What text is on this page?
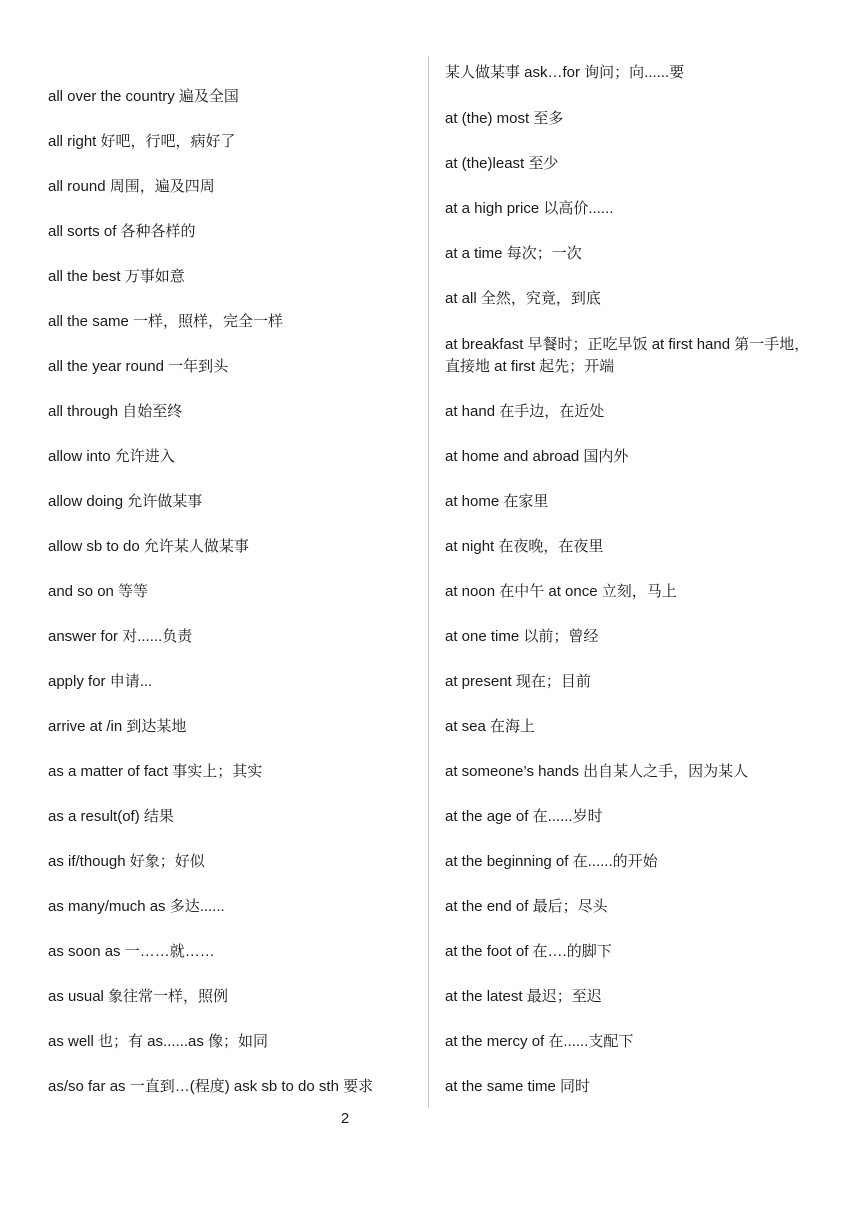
all over the country 遍及全国
all right 好吧，行吧，病好了
all round 周围，遍及四周
all sorts of 各种各样的
all the best 万事如意
all the same 一样，照样，完全一样
all the year round 一年到头
all through 自始至终
allow into 允许进入
allow doing 允许做某事
allow sb to do 允许某人做某事
and so on 等等
answer for 对......负责
apply for 申请...
arrive at /in 到达某地
as a matter of fact 事实上；其实
as a result(of) 结果
as if/though 好象；好似
as many/much as 多达......
as soon as 一……就……
as usual 象往常一样，照例
as well 也；有 as......as 像；如同
as/so far as 一直到…(程度) ask sb to do sth 要求
某人做某事 ask…for 询问；向......要
at (the) most 至多
at (the)least 至少
at a high price 以高价......
at a time 每次；一次
at all 全然，究竟，到底
at breakfast 早餐时；正吃早饭 at first hand 第一手地，直接地 at first 起先；开端
at hand 在手边，在近处
at home and abroad 国内外
at home 在家里
at night 在夜晚，在夜里
at noon 在中午 at once 立刻，马上
at one time 以前；曾经
at present 现在；目前
at sea 在海上
at someone’s hands 出自某人之手，因为某人
at the age of 在......岁时
at the beginning of 在......的开始
at the end of 最后；尽头
at the foot of 在….的脚下
at the latest 最迟；至迟
at the mercy of 在......支配下
at the same time 同时
2
